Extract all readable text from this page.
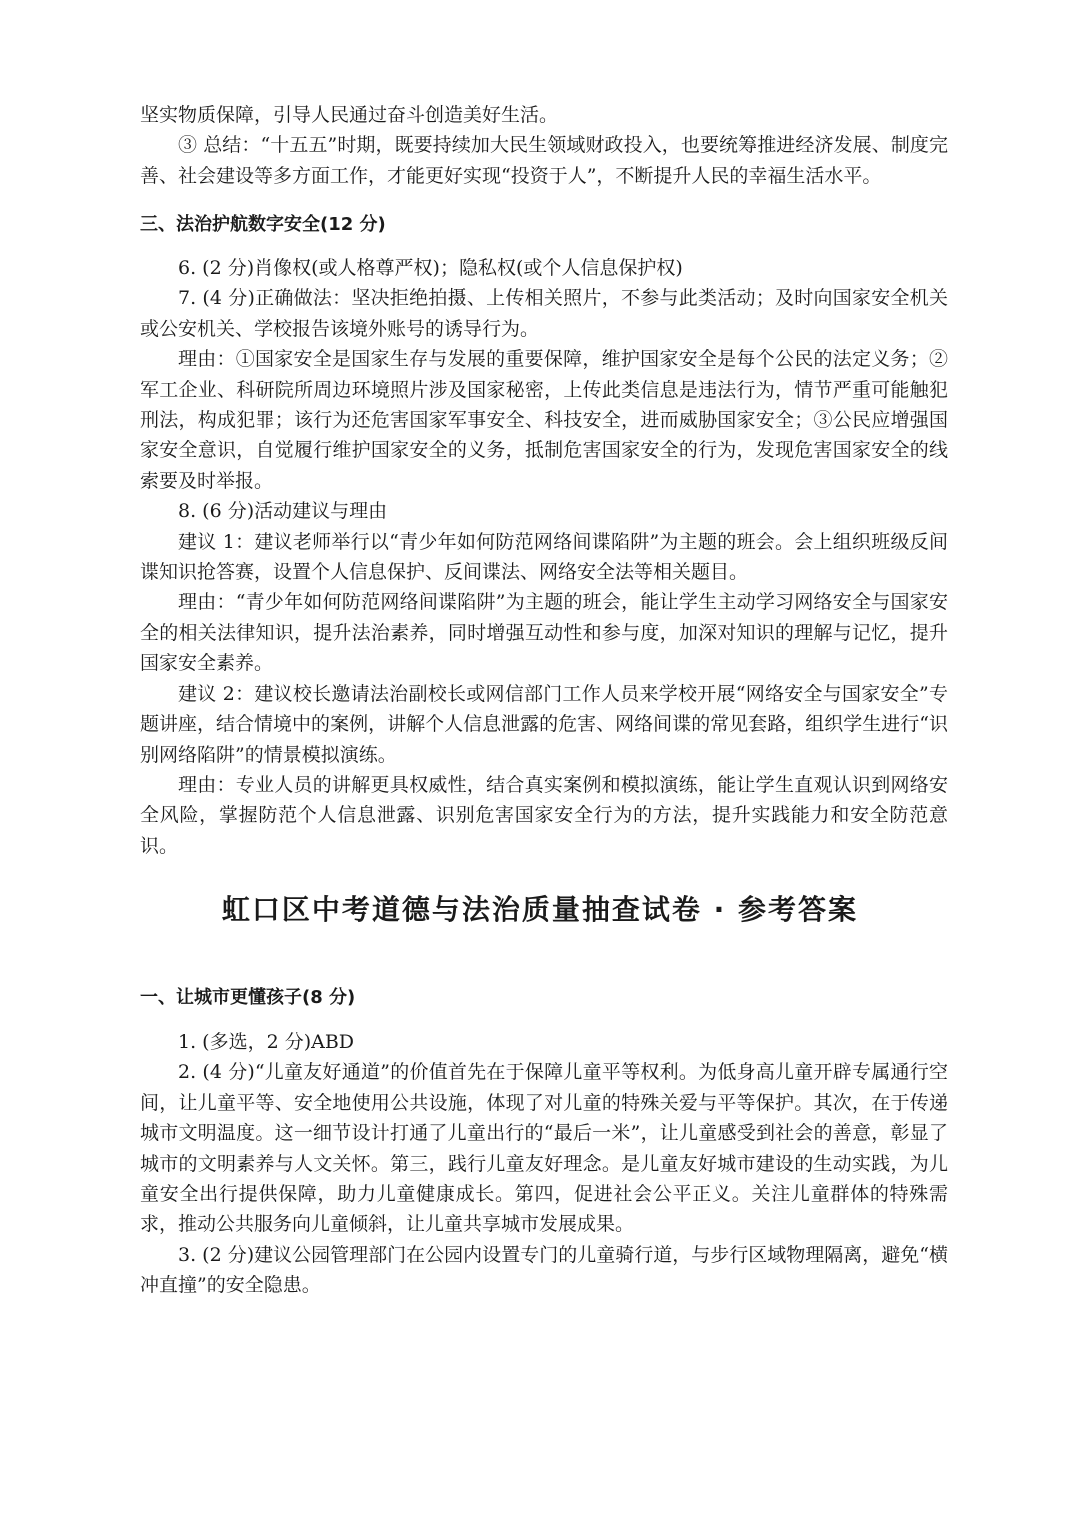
坚实物质保障，引导人民通过奋斗创造美好生活。

③ 总结：“十五五”时期，既要持续加大民生领域财政投入，也要统筹推进经济发展、制度完善、社会建设等多方面工作，才能更好实现“投资于人”，不断提升人民的幸福生活水平。

三、法治护航数字安全(12 分)

6. (2 分)肖像权(或人格尊严权)；隐私权(或个人信息保护权)

7. (4 分)正确做法：坚决拒绝拍摄、上传相关照片，不参与此类活动；及时向国家安全机关或公安机关、学校报告该境外账号的诱导行为。

理由：①国家安全是国家生存与发展的重要保障，维护国家安全是每个公民的法定义务；②军工企业、科研院所周边环境照片涉及国家秘密，上传此类信息是违法行为，情节严重可能触犯刑法，构成犯罪；该行为还危害国家军事安全、科技安全，进而威胁国家安全；③公民应增强国家安全意识，自觉履行维护国家安全的义务，抵制危害国家安全的行为，发现危害国家安全的线索要及时举报。

8. (6 分)活动建议与理由

建议 1：建议老师举行以“青少年如何防范网络间谍陷阱”为主题的班会。会上组织班级反间谍知识抢答赛，设置个人信息保护、反间谍法、网络安全法等相关题目。

理由：“青少年如何防范网络间谍陷阱”为主题的班会，能让学生主动学习网络安全与国家安全的相关法律知识，提升法治素养，同时增强互动性和参与度，加深对知识的理解与记忆，提升国家安全素养。

建议 2：建议校长邀请法治副校长或网信部门工作人员来学校开展“网络安全与国家安全”专题讲座，结合情境中的案例，讲解个人信息泄露的危害、网络间谍的常见套路，组织学生进行“识别网络陷阱”的情景模拟演练。

理由：专业人员的讲解更具权威性，结合真实案例和模拟演练，能让学生直观认识到网络安全风险，掌握防范个人信息泄露、识别危害国家安全行为的方法，提升实践能力和安全防范意识。

虹口区中考道德与法治质量抽查试卷 · 参考答案

一、让城市更懂孩子(8 分)

1. (多选，2 分)ABD

2. (4 分)“儿童友好通道”的价值首先在于保障儿童平等权利。为低身高儿童开辟专属通行空间，让儿童平等、安全地使用公共设施，体现了对儿童的特殊关爱与平等保护。其次，在于传递城市文明温度。这一细节设计打通了儿童出行的“最后一米”，让儿童感受到社会的善意，彰显了城市的文明素养与人文关怀。第三，践行儿童友好理念。是儿童友好城市建设的生动实践，为儿童安全出行提供保障，助力儿童健康成长。第四，促进社会公平正义。关注儿童群体的特殊需求，推动公共服务向儿童倾斜，让儿童共享城市发展成果。

3. (2 分)建议公园管理部门在公园内设置专门的儿童骑行道，与步行区域物理隔离，避免“横冲直撞”的安全隐患。
